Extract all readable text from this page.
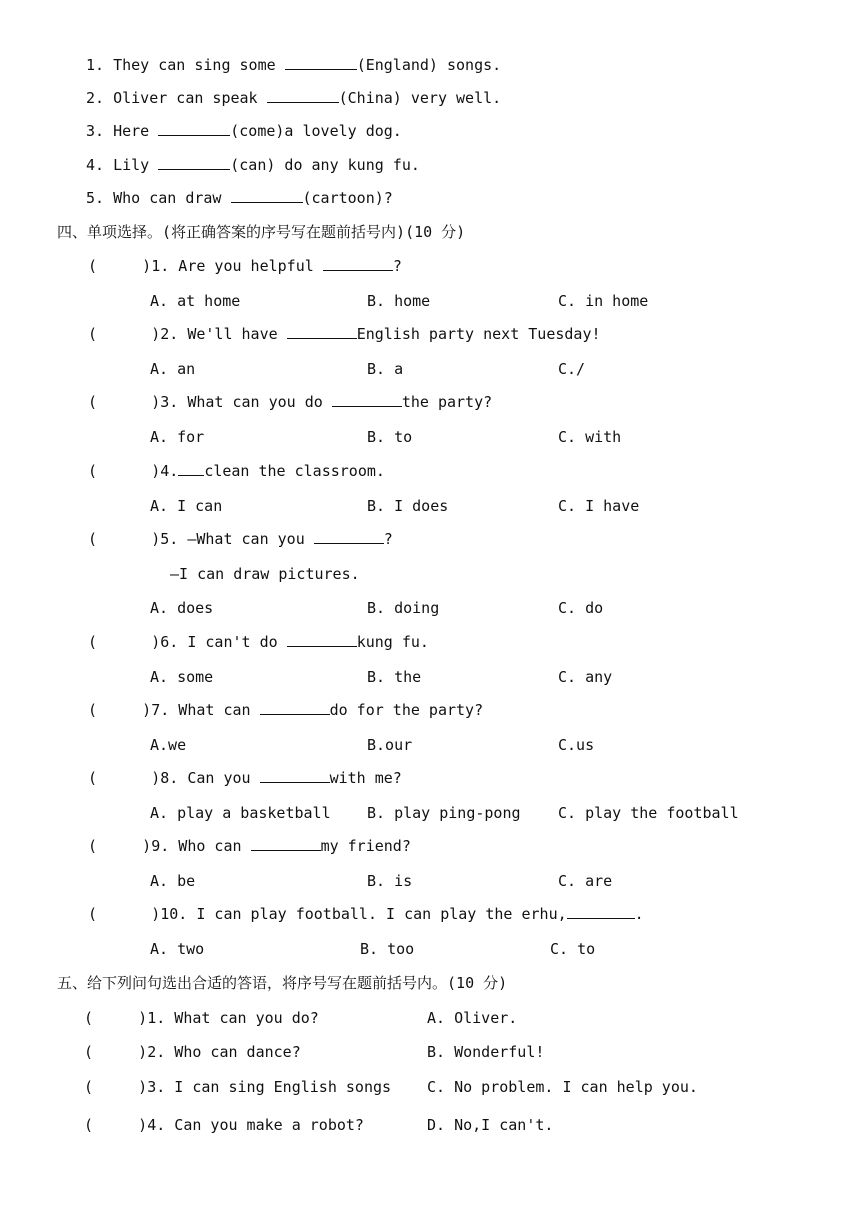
1. They can sing some	(England) songs.
2. Oliver can speak	(China) very well.
3. Here	(come)a lovely dog.
4. Lily	(can) do any kung fu.
5. Who can draw	(cartoon)?
四、单项选择。(将正确答案的序号写在题前括号内)(10 分)
(     )1. Are you helpful	?
A. at home	B. home	C. in home
(      )2. We'll have	English party next Tuesday!
A. an	B. a	C./
(      )3. What can you do	the party?
A. for	B. to	C. with
(      )4. clean the classroom.
A. I can	B. I does	C. I have
(      )5. —What can you	?
—I can draw pictures.
A. does	B. doing	C. do
(      )6. I can't do	kung fu.
A. some	B. the	C. any
(     )7. What can	do for the party?
A.we	B.our	C.us
(      )8. Can you	with me?
A. play a basketball B. play ping-pong C. play the football
(     )9. Who can	my friend?
A. be	B. is	C. are
(      )10. I can play football. I can play the erhu,	.
A. two	B. too	C. to
五、给下列问句选出合适的答语，将序号写在题前括号内。(10 分)
(     )1. What can you do?	A. Oliver.
(     )2. Who can dance?	B. Wonderful!
(     )3. I can sing English songs C. No problem. I can help you.
(     )4. Can you make a robot?	D. No,I can't.
